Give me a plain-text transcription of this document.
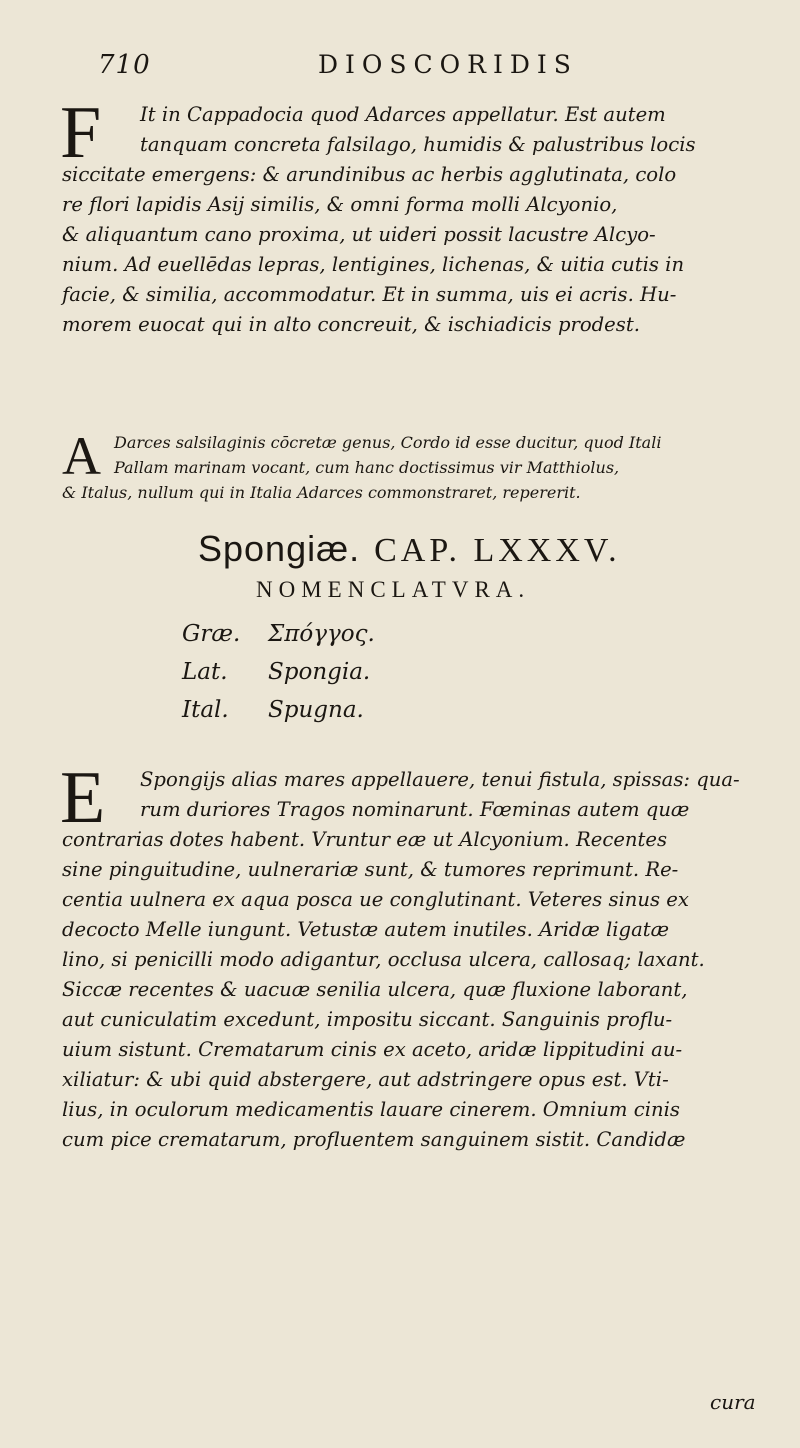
710	DIOSCORIDIS
F	It in Cappadocia quod Adarces appellatur. Est autem
tanquam concreta falsilago, humidis & palustribus locis
siccitate emergens: & arundinibus ac herbis agglutinata, colo
re flori lapidis Asij similis, & omni forma molli Alcyonio,
& aliquantum cano proxima, ut uideri possit lacustre Alcyo-
nium. Ad euellēdas lepras, lentigines, lichenas, & uitia cutis in
facie, & similia, accommodatur. Et in summa, uis ei acris. Hu-
morem euocat qui in alto concreuit, & ischiadicis prodest.
A Darces salsilaginis cōcretæ genus, Cordo id esse ducitur, quod Itali
Pallam marinam vocant, cum hanc doctissimus vir Matthiolus,
& Italus, nullum qui in Italia Adarces commonstraret, repererit.
Spongiæ. CAP. LXXXV.
NOMENCLATVRA.
Græ. Σπόγγος.
Lat. Spongia.
Ital. Spugna.
E	Spongijs alias mares appellauere, tenui fistula, spissas: qua-
rum duriores Tragos nominarunt. Fœminas autem quæ
contrarias dotes habent. Vruntur eæ ut Alcyonium. Recentes
sine pinguitudine, uulnerariæ sunt, & tumores reprimunt. Re-
centia uulnera ex aqua posca ue conglutinant. Veteres sinus ex
decocto Melle iungunt. Vetustæ autem inutiles. Aridæ ligatæ
lino, si penicilli modo adigantur, occlusa ulcera, callosaq; laxant.
Siccæ recentes & uacuæ senilia ulcera, quæ fluxione laborant,
aut cuniculatim excedunt, impositu siccant. Sanguinis proflu-
uium sistunt. Crematarum cinis ex aceto, aridæ lippitudini au-
xiliatur: & ubi quid abstergere, aut adstringere opus est. Vti-
lius, in oculorum medicamentis lauare cinerem. Omnium cinis
cum pice crematarum, profluentem sanguinem sistit. Candidæ
cura
